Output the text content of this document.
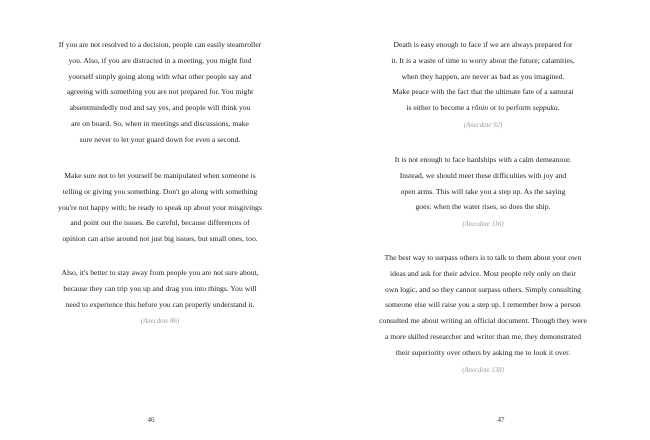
If you are not resolved to a decision, people can easily steamroller
you. Also, if you are distracted in a meeting, you might find
yourself simply going along with what other people say and
agreeing with something you are not prepared for. You might
absentmindedly nod and say yes, and people will think you
are on board. So, when in meetings and discussions, make
sure never to let your guard down for even a second.
Make sure not to let yourself be manipulated when someone is
telling or giving you something. Don't go along with something
you're not happy with; be ready to speak up about your misgivings
and point out the issues. Be careful, because differences of
opinion can arise around not just big issues, but small ones, too.
Also, it's better to stay away from people you are not sure about,
because they can trip you up and drag you into things. You will
need to experience this before you can properly understand it.
(Anecdote 86)
46
Death is easy enough to face if we are always prepared for
it. It is a waste of time to worry about the future; calamities,
when they happen, are never as bad as you imagined.
Make peace with the fact that the ultimate fate of a samurai
is either to become a rōnin or to perform seppuku.
(Anecdote 92)
It is not enough to face hardships with a calm demeanour.
Instead, we should meet these difficulties with joy and
open arms. This will take you a step up. As the saying
goes: when the water rises, so does the ship.
(Anecdote 116)
The best way to surpass others is to talk to them about your own
ideas and ask for their advice. Most people rely only on their
own logic, and so they cannot surpass others. Simply consulting
someone else will raise you a step up. I remember how a person
consulted me about writing an official document. Though they were
a more skilled researcher and writer than me, they demonstrated
their superiority over others by asking me to look it over.
(Anecdote 138)
47
